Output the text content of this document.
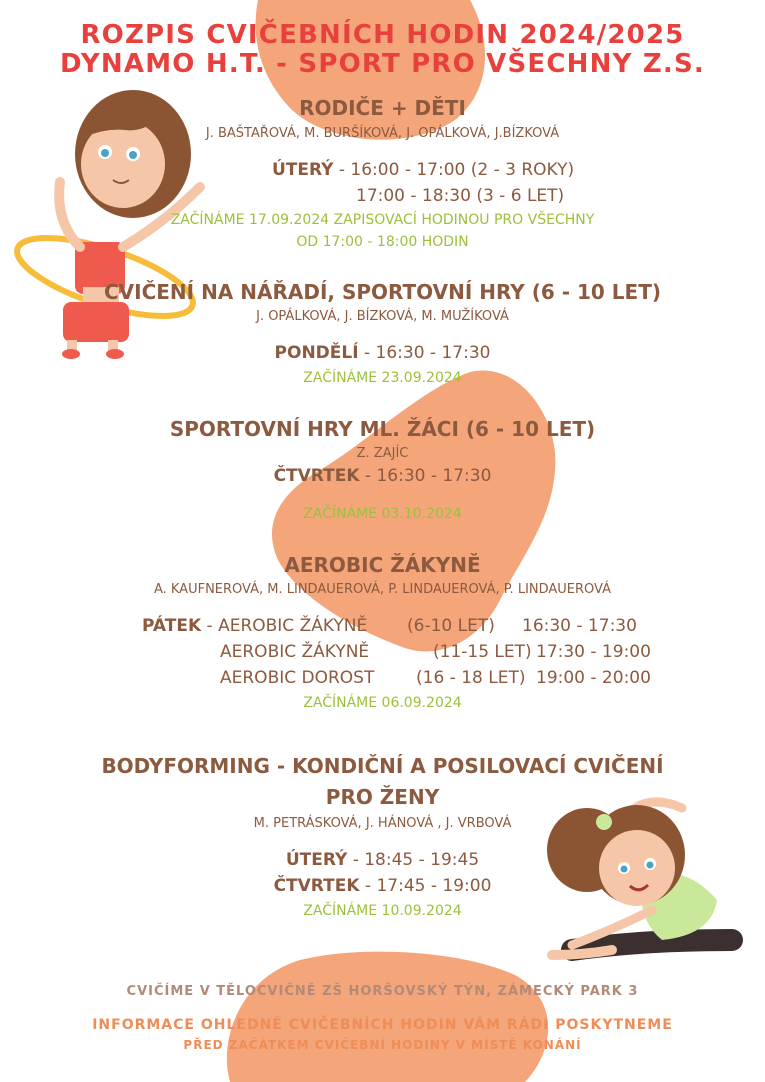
ROZPIS CVIČEBNÍCH HODIN 2024/2025
DYNAMO H.T. - SPORT PRO VŠECHNY Z.S.
RODIČE + DĚTI
J. BAŠTAŘOVÁ, M. BURŠÍKOVÁ, J. OPÁLKOVÁ, J.BÍZKOVÁ
ÚTERÝ - 16:00 - 17:00 (2 - 3 ROKY)
17:00 - 18:30 (3 - 6 LET)
ZAČÍNÁME 17.09.2024 ZAPISOVACÍ HODINOU PRO VŠECHNY
OD 17:00 - 18:00 HODIN
CVIČENÍ NA NÁŘADÍ, SPORTOVNÍ HRY (6 - 10 LET)
J. OPÁLKOVÁ, J. BÍZKOVÁ, M. MUŽÍKOVÁ
PONDĚLÍ - 16:30 - 17:30
ZAČÍNÁME 23.09.2024
SPORTOVNÍ HRY ML. ŽÁCI (6 - 10 LET)
Z. ZAJÍC
ČTVRTEK - 16:30 - 17:30
ZAČÍNÁME 03.10.2024
AEROBIC ŽÁKYNĚ
A. KAUFNEROVÁ, M. LINDAUEROVÁ, P. LINDAUEROVÁ, P. LINDAUEROVÁ
PÁTEK - AEROBIC ŽÁKYNĚ (6-10 LET) 16:30 - 17:30
AEROBIC ŽÁKYNĚ	(11-15 LET) 17:30 - 19:00
AEROBIC DOROST (16 - 18 LET) 19:00 - 20:00
ZAČÍNÁME 06.09.2024
BODYFORMING - KONDIČNÍ A POSILOVACÍ CVIČENÍ
PRO ŽENY
M. PETRÁSKOVÁ, J. HÁNOVÁ , J. VRBOVÁ
ÚTERÝ - 18:45 - 19:45
ČTVRTEK - 17:45 - 19:00
ZAČÍNÁME 10.09.2024
CVIČÍME V TĚLOCVIČNĚ ZŠ HORŠOVSKÝ TÝN, ZÁMECKÝ PARK 3
INFORMACE OHLEDNĚ CVIČEBNÍCH HODIN VÁM RÁDI POSKYTNEME
PŘED ZAČÁTKEM CVIČEBNÍ HODINY V MÍSTĚ KONÁNÍ
